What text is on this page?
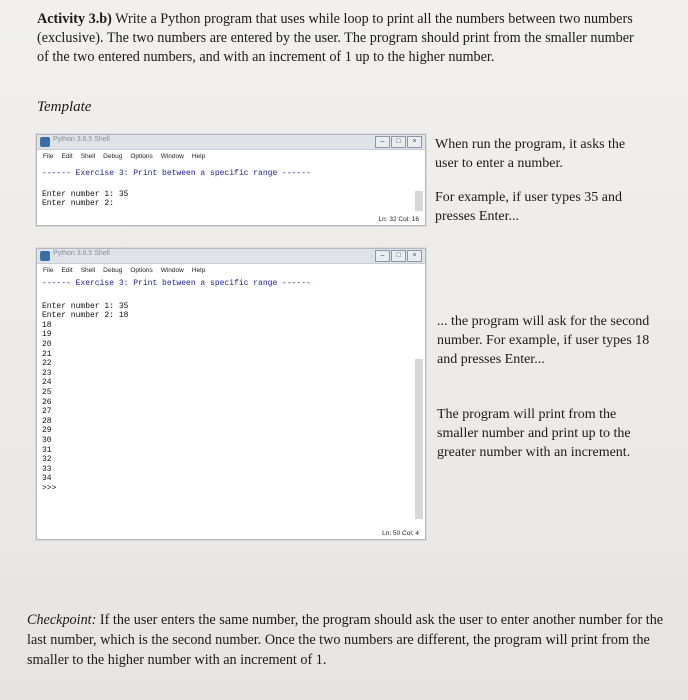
Activity 3.b) Write a Python program that uses while loop to print all the numbers between two numbers (exclusive). The two numbers are entered by the user. The program should print from the smaller number of the two entered numbers, and with an increment of 1 up to the higher number.
Template
Python 3.6.5 Shell	–	□	×
File Edit Shell Debug Options Window Help
------ Exercise 3: Print between a specific range ------
Enter number 1: 35
Enter number 2:
Ln: 32 Col: 16
When run the program, it asks the user to enter a number.
For example, if user types 35 and presses Enter...
Python 3.6.5 Shell	–	□	×
File Edit Shell Debug Options Window Help
------ Exercise 3: Print between a specific range ------
Enter number 1: 35
Enter number 2: 18
18
19
20
21
22
23
24
25
26
27
28
29
30
31
32
33
34
>>>
Ln: 50 Col: 4
... the program will ask for the second number. For example, if user types 18 and presses Enter...
The program will print from the smaller number and print up to the greater number with an increment.
Checkpoint: If the user enters the same number, the program should ask the user to enter another number for the last number, which is the second number. Once the two numbers are different, the program will print from the smaller to the higher number with an increment of 1.
